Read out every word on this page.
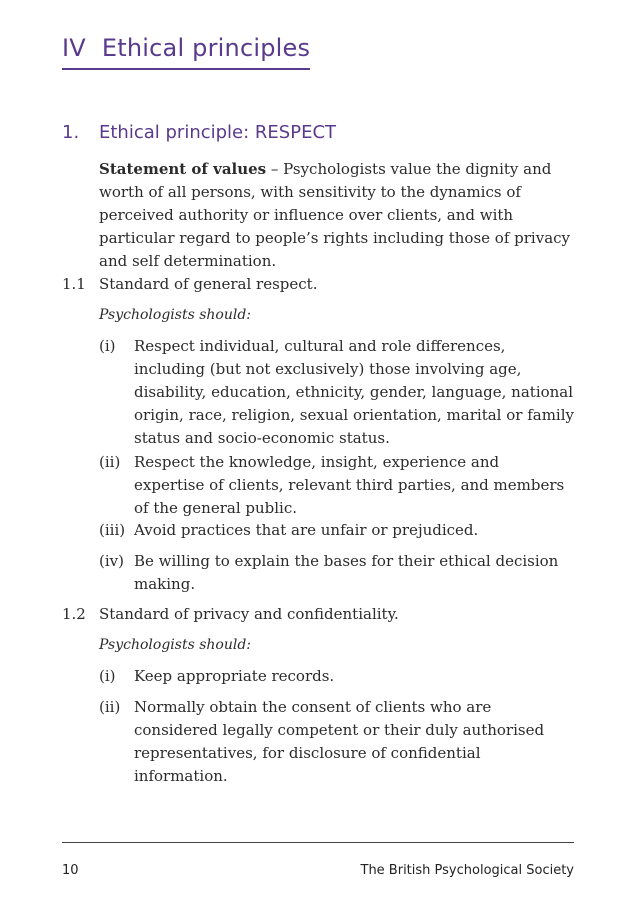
IV Ethical principles
1. Ethical principle: RESPECT
Statement of values – Psychologists value the dignity and worth of all persons, with sensitivity to the dynamics of perceived authority or influence over clients, and with particular regard to people’s rights including those of privacy and self determination.
1.1 Standard of general respect.
Psychologists should:
(i)	Respect individual, cultural and role differences, including (but not exclusively) those involving age, disability, education, ethnicity, gender, language, national origin, race, religion, sexual orientation, marital or family status and socio-economic status.
(ii) Respect the knowledge, insight, experience and expertise of clients, relevant third parties, and members of the general public.
(iii) Avoid practices that are unfair or prejudiced.
(iv) Be willing to explain the bases for their ethical decision making.
1.2 Standard of privacy and confidentiality.
Psychologists should:
(i)	Keep appropriate records.
(ii) Normally obtain the consent of clients who are considered legally competent or their duly authorised representatives, for disclosure of confidential information.
10	The British Psychological Society
